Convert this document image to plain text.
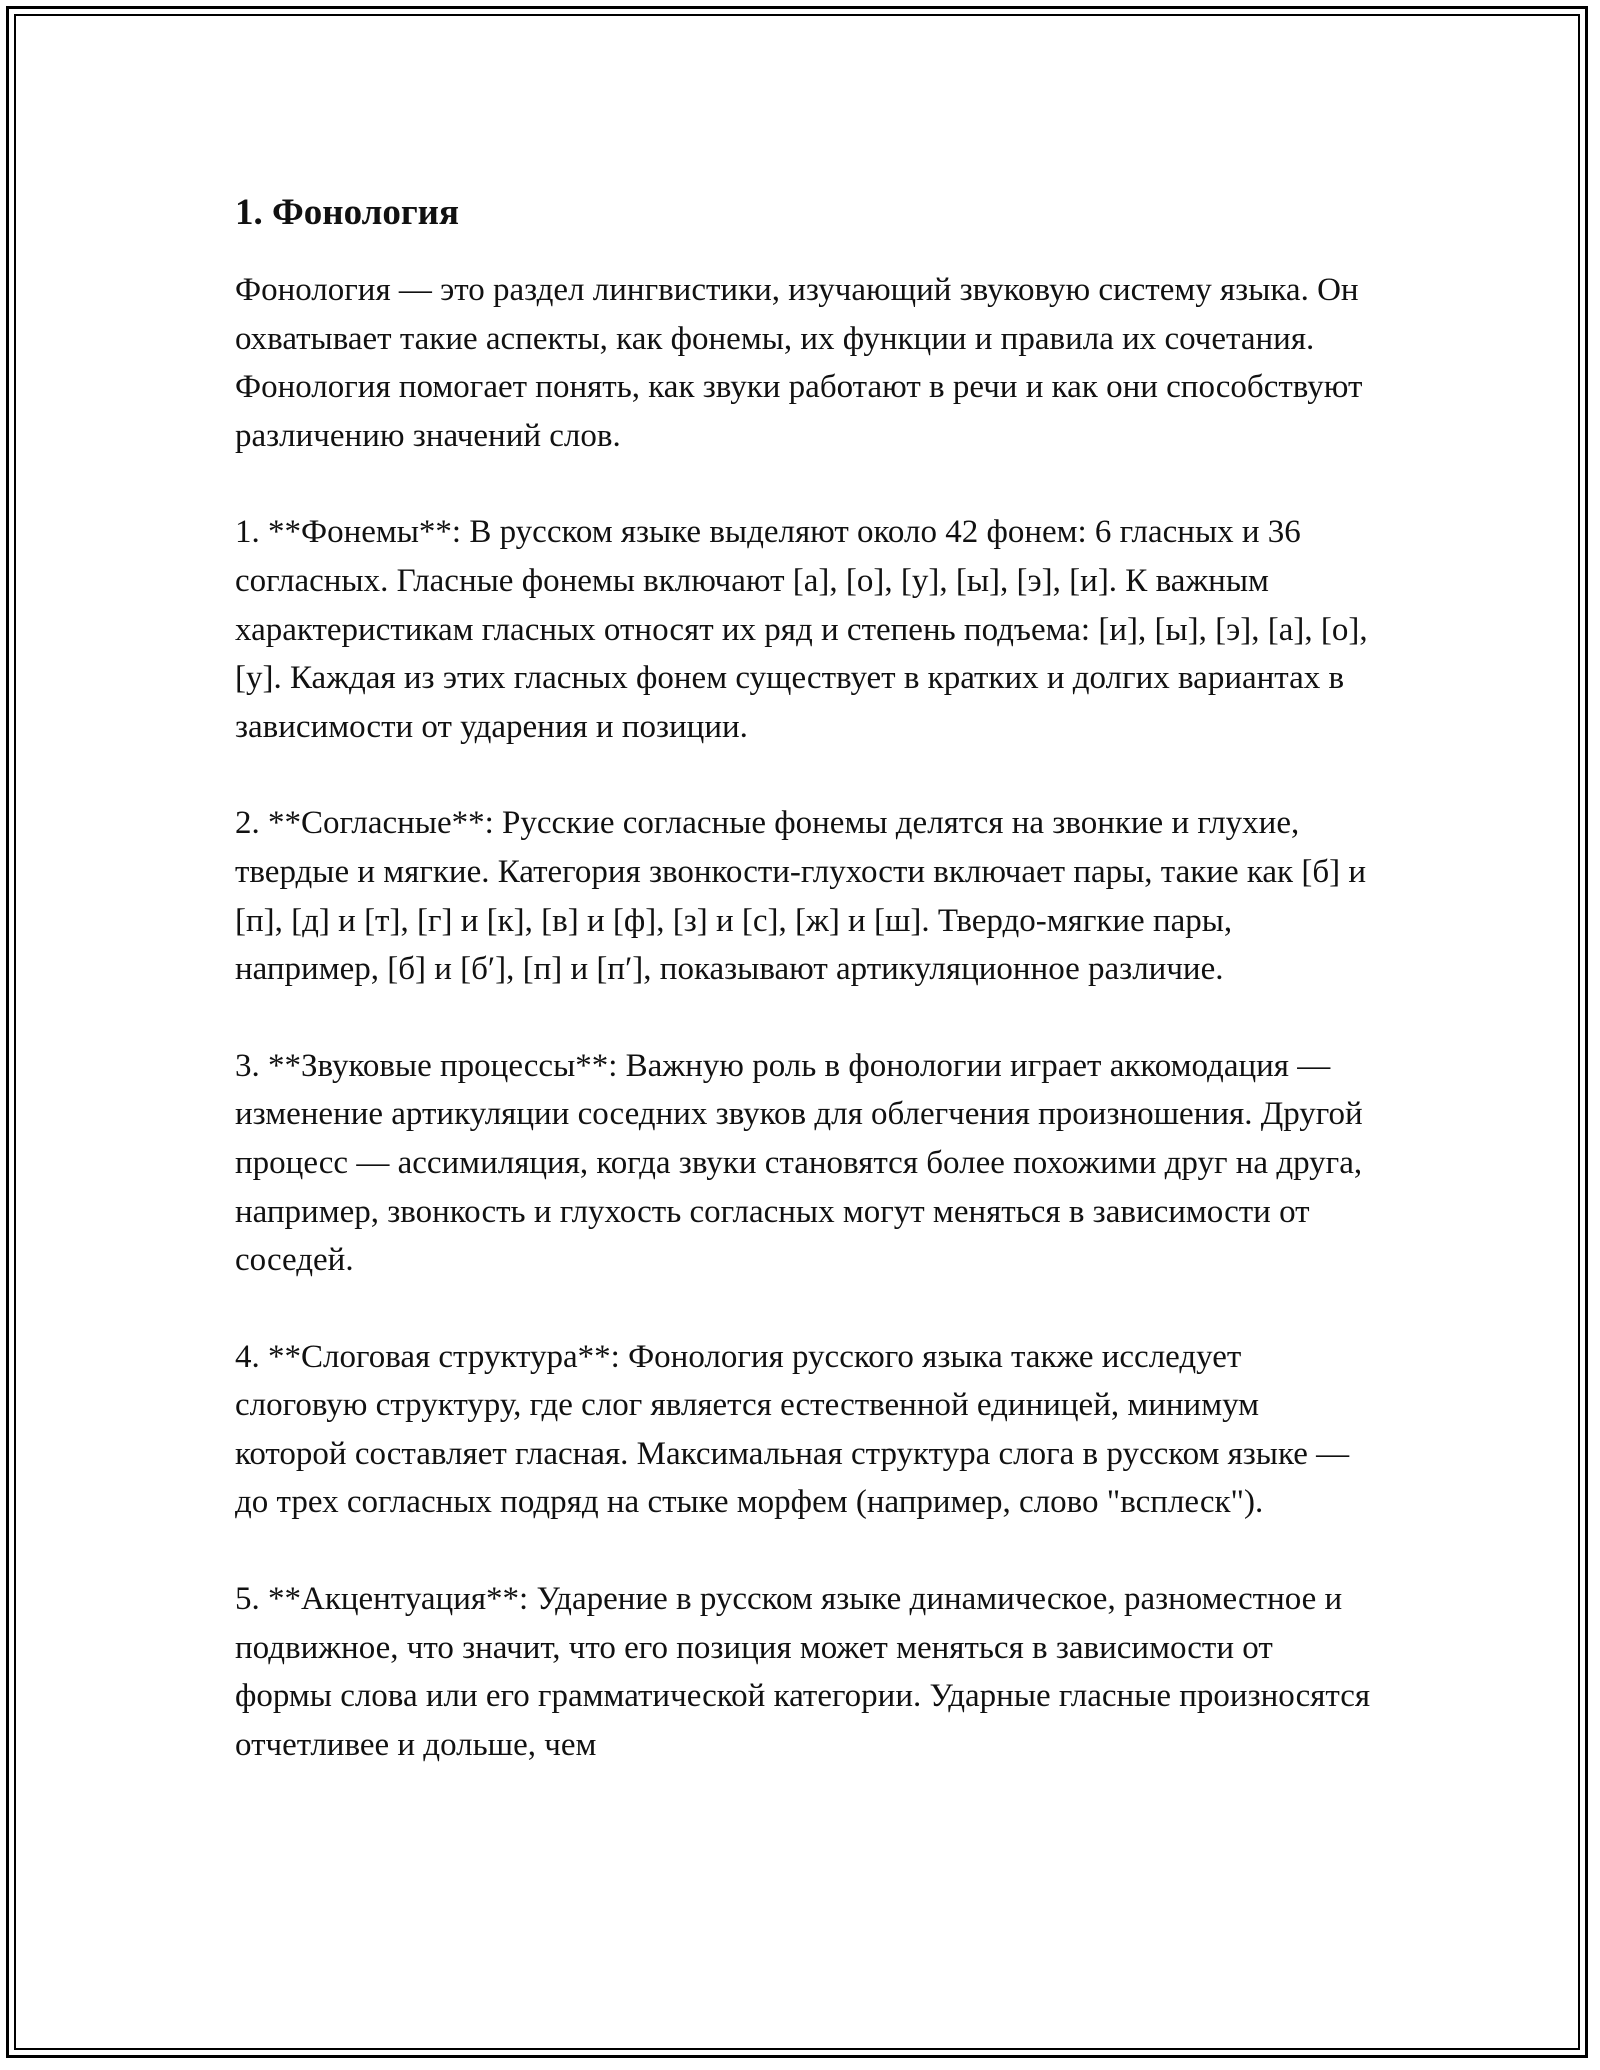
1. Фонология

Фонология — это раздел лингвистики, изучающий звуковую систему языка. Он охватывает такие аспекты, как фонемы, их функции и правила их сочетания. Фонология помогает понять, как звуки работают в речи и как они способствуют различению значений слов.

1. **Фонемы**: В русском языке выделяют около 42 фонем: 6 гласных и 36 согласных. Гласные фонемы включают [а], [о], [у], [ы], [э], [и]. К важным характеристикам гласных относят их ряд и степень подъема: [и], [ы], [э], [а], [о], [у]. Каждая из этих гласных фонем существует в кратких и долгих вариантах в зависимости от ударения и позиции.

2. **Согласные**: Русские согласные фонемы делятся на звонкие и глухие, твердые и мягкие. Категория звонкости-глухости включает пары, такие как [б] и [п], [д] и [т], [г] и [к], [в] и [ф], [з] и [с], [ж] и [ш]. Твердо-мягкие пары, например, [б] и [б′], [п] и [п′], показывают артикуляционное различие.

3. **Звуковые процессы**: Важную роль в фонологии играет аккомодация — изменение артикуляции соседних звуков для облегчения произношения. Другой процесс — ассимиляция, когда звуки становятся более похожими друг на друга, например, звонкость и глухость согласных могут меняться в зависимости от соседей.

4. **Слоговая структура**: Фонология русского языка также исследует слоговую структуру, где слог является естественной единицей, минимум которой составляет гласная. Максимальная структура слога в русском языке — до трех согласных подряд на стыке морфем (например, слово "всплеск").

5. **Акцентуация**: Ударение в русском языке динамическое, разноместное и подвижное, что значит, что его позиция может меняться в зависимости от формы слова или его грамматической категории. Ударные гласные произносятся отчетливее и дольше, чем
